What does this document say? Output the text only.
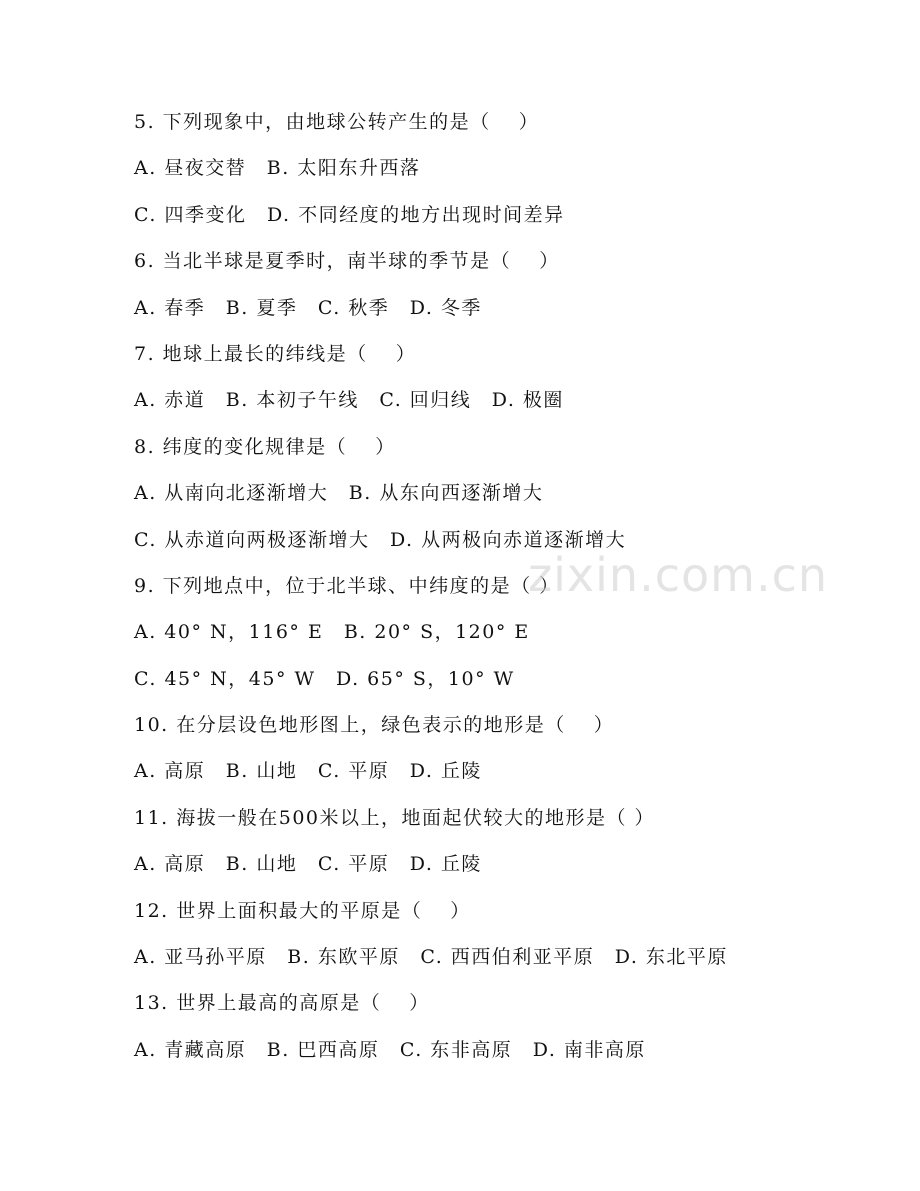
5. 下列现象中，由地球公转产生的是（　 ）
A. 昼夜交替　B. 太阳东升西落
C. 四季变化　D. 不同经度的地方出现时间差异
6. 当北半球是夏季时，南半球的季节是（　 ）
A. 春季　B. 夏季　C. 秋季　D. 冬季
7. 地球上最长的纬线是（　 ）
A. 赤道　B. 本初子午线　C. 回归线　D. 极圈
8. 纬度的变化规律是（　 ）
A. 从南向北逐渐增大　B. 从东向西逐渐增大
C. 从赤道向两极逐渐增大　D. 从两极向赤道逐渐增大
9. 下列地点中，位于北半球、中纬度的是（ ）
A. 40° N，116° E　B. 20° S，120° E
C. 45° N，45° W　D. 65° S，10° W
10. 在分层设色地形图上，绿色表示的地形是（　 ）
A. 高原　B. 山地　C. 平原　D. 丘陵
11. 海拔一般在500米以上，地面起伏较大的地形是（ ）
A. 高原　B. 山地　C. 平原　D. 丘陵
12. 世界上面积最大的平原是（　 ）
A. 亚马孙平原　B. 东欧平原　C. 西西伯利亚平原　D. 东北平原
13. 世界上最高的高原是（　 ）
A. 青藏高原　B. 巴西高原　C. 东非高原　D. 南非高原
zixin.com.cn
